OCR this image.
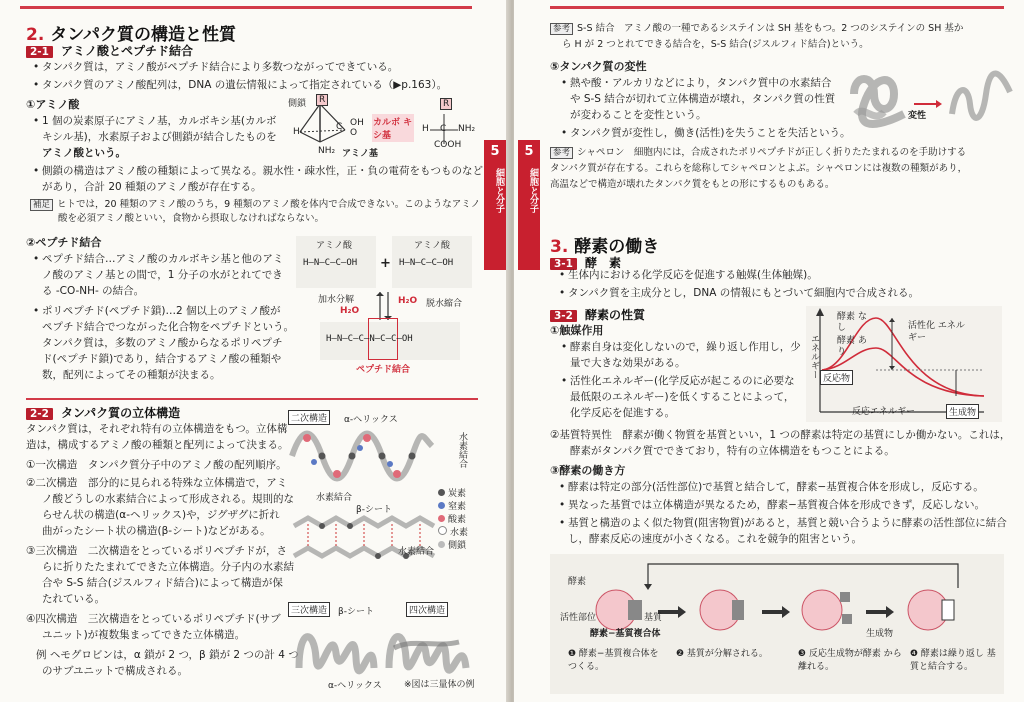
2. タンパク質の構造と性質
2-1 アミノ酸とペプチド結合
• タンパク質は，アミノ酸がペプチド結合により多数つながってできている。
• タンパク質のアミノ酸配列は，DNA の遺伝情報によって指定されている（▶p.163）。
①アミノ酸
• 1 個の炭素原子にアミノ基，カルボキシ基(カルボ
キシル基)，水素原子および側鎖が結合したものを
アミノ酸という。
側鎖	R
H	C OH
O
カルボ キシ基
NH₂ アミノ基
R
H C NH₂
COOH
• 側鎖の構造はアミノ酸の種類によって異なる。親水性・疎水性，正・負の電荷をもつものなど
があり，合計 20 種類のアミノ酸が存在する。
補足 ヒトでは，20 種類のアミノ酸のうち，9 種類のアミノ酸を体内で合成できない。このようなアミノ
酸を必須アミノ酸といい，食物から摂取しなければならない。
②ペプチド結合
• ペプチド結合…アミノ酸のカルボキシ基と他のアミ
ノ酸のアミノ基との間で，1 分子の水がとれてでき
る -CO-NH- の結合。
• ポリペプチド(ペプチド鎖)…2 個以上のアミノ酸が
ペプチド結合でつながった化合物をペプチドという。
タンパク質は，多数のアミノ酸からなるポリペプチ
ド(ペプチド鎖)であり，結合するアミノ酸の種類や
数，配列によってその種類が決まる。
アミノ酸	アミノ酸
H–N–C–C–OH	H–N–C–C–OH
+
加水分解
H₂O
H₂O 脱水縮合
H–N–C–C–N–C–C–OH
ペプチド結合
2-2 タンパク質の立体構造
タンパク質は，それぞれ特有の立体構造をもつ。立体構
造は，構成するアミノ酸の種類と配列によって決まる。
①一次構造　タンパク質分子中のアミノ酸の配列順序。
②二次構造　部分的に見られる特殊な立体構造で，アミ
ノ酸どうしの水素結合によって形成される。規則的な
らせん状の構造(α-ヘリックス)や，ジグザグに折れ
曲がったシート状の構造(β-シート)などがある。
③三次構造　二次構造をとっているポリペプチドが，さ
らに折りたたまれてできた立体構造。分子内の水素結
合や S-S 結合(ジスルフィド結合)によって構造が保
たれている。
④四次構造　三次構造をとっているポリペプチド(サブ
ユニット)が複数集まってできた立体構造。
例 ヘモグロビンは，α 鎖が 2 つ，β 鎖が 2 つの計 4 つ
のサブユニットで構成される。
二次構造	α-ヘリックス
水素結合
水素結合
β-シート
水素結合
炭素
窒素
酸素
水素
側鎖
三次構造	β-シート	四次構造
α-ヘリックス ※図は三量体の例
5
細胞と分子
5
細胞と分子
参考 S-S 結合　アミノ酸の一種であるシステインは SH 基をもつ。2 つのシステインの SH 基か
ら H が 2 つとれてできる結合を，S-S 結合(ジスルフィド結合)という。
⑤タンパク質の変性
• 熱や酸・アルカリなどにより，タンパク質中の水素結合
や S-S 結合が切れて立体構造が壊れ，タンパク質の性質
が変わることを変性という。
• タンパク質が変性し，働き(活性)を失うことを失活という。
変性
参考 シャペロン　細胞内には，合成されたポリペプチドが正しく折りたたまれるのを手助けする
タンパク質が存在する。これらを総称してシャペロンとよぶ。シャペロンには複数の種類があり，
高温などで構造が壊れたタンパク質をもとの形にするものもある。
3. 酵素の働き
3-1 酵　素
• 生体内における化学反応を促進する触媒(生体触媒)。
• タンパク質を主成分とし，DNA の情報にもとづいて細胞内で合成される。
3-2 酵素の性質
①触媒作用
• 酵素自身は変化しないので，繰り返し作用し，少
量で大きな効果がある。
• 活性化エネルギー(化学反応が起こるのに必要な
最低限のエネルギー)を低くすることによって，
化学反応を促進する。
酵素 なし
酵素 あり
活性化 エネルギー
エネルギー 反応物
反応エネルギー	生成物
②基質特異性　酵素が働く物質を基質といい，1 つの酵素は特定の基質にしか働かない。これは，
酵素がタンパク質でできており，特有の立体構造をもつことによる。
③酵素の働き方
• 酵素は特定の部分(活性部位)で基質と結合して，酵素−基質複合体を形成し，反応する。
• 異なった基質では立体構造が異なるため，酵素−基質複合体を形成できず，反応しない。
• 基質と構造のよく似た物質(阻害物質)があると，基質と競い合うように酵素の活性部位に結合
し，酵素反応の速度が小さくなる。これを競争的阻害という。
酵素
活性部位	基質
酵素−基質複合体	生成物
❶ 酵素−基質複合体を つくる。
❷ 基質が分解される。	❸ 反応生成物が酵素 から離れる。
❹ 酵素は繰り返し 基質と結合する。
